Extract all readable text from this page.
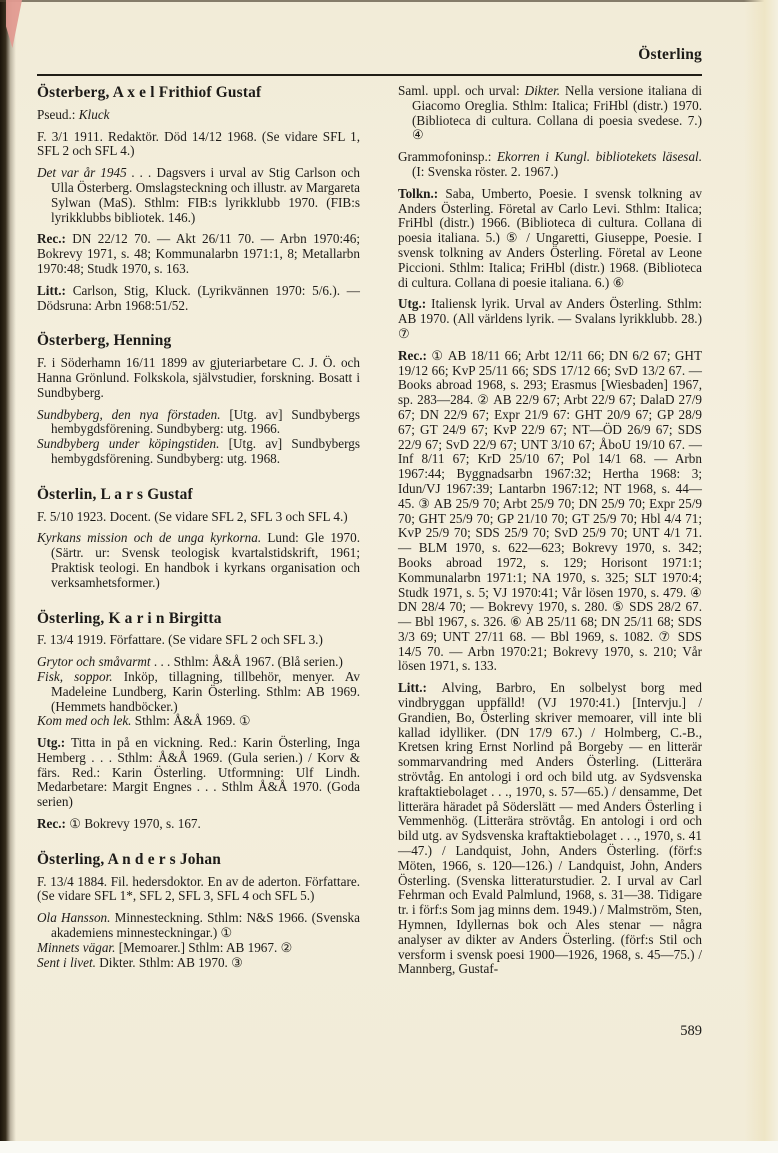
Österling
Österberg, A x e l Frithiof Gustaf

Pseud.: Kluck

F. 3/1 1911. Redaktör. Död 14/12 1968. (Se vidare SFL 1, SFL 2 och SFL 4.)

Det var år 1945 . . . Dagsvers i urval av Stig Carlson och Ulla Österberg. Omslagsteckning och illustr. av Margareta Sylwan (MaS). Sthlm: FIB:s lyrikklubb 1970. (FIB:s lyrikklubbs bibliotek. 146.)

Rec.: DN 22/12 70. — Akt 26/11 70. — Arbn 1970:46; Bokrevy 1971, s. 48; Kommunalarbn 1971:1, 8; Metallarbn 1970:48; Studk 1970, s. 163.

Litt.: Carlson, Stig, Kluck. (Lyrikvännen 1970: 5/6.). — Dödsruna: Arbn 1968:51/52.

Österberg, Henning

F. i Söderhamn 16/11 1899 av gjuteriarbetare C. J. Ö. och Hanna Grönlund. Folkskola, självstudier, forskning. Bosatt i Sundbyberg.

Sundbyberg, den nya förstaden. [Utg. av] Sundbybergs hembygdsförening. Sundbyberg: utg. 1966.

Sundbyberg under köpingstiden. [Utg. av] Sundbybergs hembygdsförening. Sundbyberg: utg. 1968.

Österlin, L a r s Gustaf

F. 5/10 1923. Docent. (Se vidare SFL 2, SFL 3 och SFL 4.)

Kyrkans mission och de unga kyrkorna. Lund: Gle 1970. (Särtr. ur: Svensk teologisk kvartalstidskrift, 1961; Praktisk teologi. En handbok i kyrkans organisation och verksamhetsformer.)

Österling, K a r i n Birgitta

F. 13/4 1919. Författare. (Se vidare SFL 2 och SFL 3.)

Grytor och småvarmt . . . Sthlm: Å&Å 1967. (Blå serien.)

Fisk, soppor. Inköp, tillagning, tillbehör, menyer. Av Madeleine Lundberg, Karin Österling. Sthlm: AB 1969. (Hemmets handböcker.)

Kom med och lek. Sthlm: Å&Å 1969. ①

Utg.: Titta in på en vickning. Red.: Karin Österling, Inga Hemberg . . . Sthlm: Å&Å 1969. (Gula serien.) / Korv & färs. Red.: Karin Österling. Utformning: Ulf Lindh. Medarbetare: Margit Engnes . . . Sthlm Å&Å 1970. (Goda serien)

Rec.: ① Bokrevy 1970, s. 167.

Österling, A n d e r s Johan

F. 13/4 1884. Fil. hedersdoktor. En av de aderton. Författare. (Se vidare SFL 1*, SFL 2, SFL 3, SFL 4 och SFL 5.)

Ola Hansson. Minnesteckning. Sthlm: N&S 1966. (Svenska akademiens minnesteckningar.) ①

Minnets vägar. [Memoarer.] Sthlm: AB 1967. ②

Sent i livet. Dikter. Sthlm: AB 1970. ③

Saml. uppl. och urval: Dikter. Nella versione italiana di Giacomo Oreglia. Sthlm: Italica; FriHbl (distr.) 1970. (Biblioteca di cultura. Collana di poesia svedese. 7.) ④

Grammofoninsp.: Ekorren i Kungl. bibliotekets läsesal. (I: Svenska röster. 2. 1967.)

Tolkn.: Saba, Umberto, Poesie. I svensk tolkning av Anders Österling. Företal av Carlo Levi. Sthlm: Italica; FriHbl (distr.) 1966. (Biblioteca di cultura. Collana di poesia italiana. 5.) ⑤ / Ungaretti, Giuseppe, Poesie. I svensk tolkning av Anders Österling. Företal av Leone Piccioni. Sthlm: Italica; FriHbl (distr.) 1968. (Biblioteca di cultura. Collana di poesie italiana. 6.) ⑥

Utg.: Italiensk lyrik. Urval av Anders Österling. Sthlm: AB 1970. (All världens lyrik. — Svalans lyrikklubb. 28.) ⑦

Rec.: ① AB 18/11 66; Arbt 12/11 66; DN 6/2 67; GHT 19/12 66; KvP 25/11 66; SDS 17/12 66; SvD 13/2 67. — Books abroad 1968, s. 293; Erasmus [Wiesbaden] 1967, sp. 283—284. ② AB 22/9 67; Arbt 22/9 67; DalaD 27/9 67; DN 22/9 67; Expr 21/9 67: GHT 20/9 67; GP 28/9 67; GT 24/9 67; KvP 22/9 67; NT—ÖD 26/9 67; SDS 22/9 67; SvD 22/9 67; UNT 3/10 67; ÅboU 19/10 67. — Inf 8/11 67; KrD 25/10 67; Pol 14/1 68. — Arbn 1967:44; Byggnadsarbn 1967:32; Hertha 1968: 3; Idun/VJ 1967:39; Lantarbn 1967:12; NT 1968, s. 44—45. ③ AB 25/9 70; Arbt 25/9 70; DN 25/9 70; Expr 25/9 70; GHT 25/9 70; GP 21/10 70; GT 25/9 70; Hbl 4/4 71; KvP 25/9 70; SDS 25/9 70; SvD 25/9 70; UNT 4/1 71. — BLM 1970, s. 622—623; Bokrevy 1970, s. 342; Books abroad 1972, s. 129; Horisont 1971:1; Kommunalarbn 1971:1; NA 1970, s. 325; SLT 1970:4; Studk 1971, s. 5; VJ 1970:41; Vår lösen 1970, s. 479. ④ DN 28/4 70; — Bokrevy 1970, s. 280. ⑤ SDS 28/2 67. — Bbl 1967, s. 326. ⑥ AB 25/11 68; DN 25/11 68; SDS 3/3 69; UNT 27/11 68. — Bbl 1969, s. 1082. ⑦ SDS 14/5 70. — Arbn 1970:21; Bokrevy 1970, s. 210; Vår lösen 1971, s. 133.

Litt.: Alving, Barbro, En solbelyst borg med vindbryggan uppfälld! (VJ 1970:41.) [Intervju.] / Grandien, Bo, Österling skriver memoarer, vill inte bli kallad idylliker. (DN 17/9 67.) / Holmberg, C.-B., Kretsen kring Ernst Norlind på Borgeby — en litterär sommarvandring med Anders Österling. (Litterära strövtåg. En antologi i ord och bild utg. av Sydsvenska kraftaktiebolaget . . ., 1970, s. 57—65.) / densamme, Det litterära häradet på Söderslätt — med Anders Österling i Vemmenhög. (Litterära strövtåg. En antologi i ord och bild utg. av Sydsvenska kraftaktiebolaget . . ., 1970, s. 41—47.) / Landquist, John, Anders Österling. (förf:s Möten, 1966, s. 120—126.) / Landquist, John, Anders Österling. (Svenska litteraturstudier. 2. I urval av Carl Fehrman och Evald Palmlund, 1968, s. 31—38. Tidigare tr. i förf:s Som jag minns dem. 1949.) / Malmström, Sten, Hymnen, Idyllernas bok och Ales stenar — några analyser av dikter av Anders Österling. (förf:s Stil och versform i svensk poesi 1900—1926, 1968, s. 45—75.) / Mannberg, Gustaf-

589
